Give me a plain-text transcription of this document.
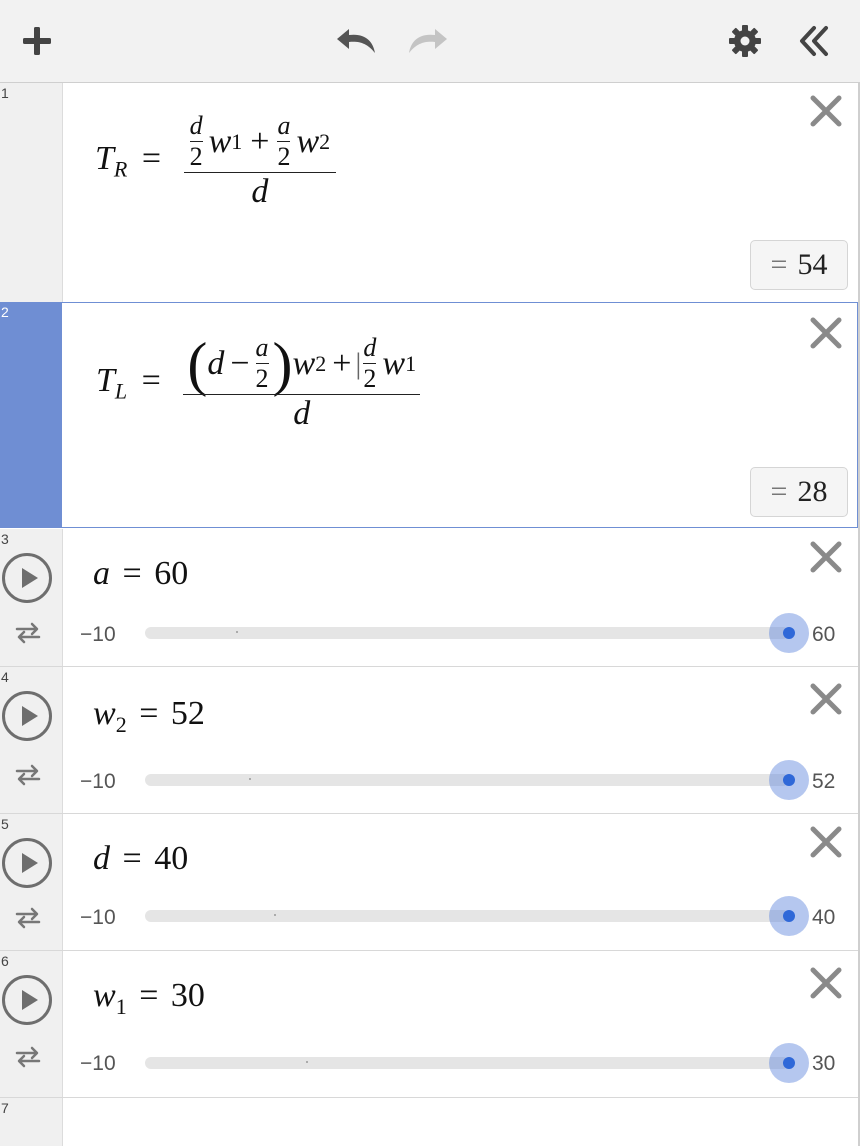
1
$T_R = \frac{\frac{d}{2} w 1 + \frac{a}{2} w 2}{d}$
= 54
2
$T_L$ = ( $d - \frac{a}{2}$ ) w 2 + | $\frac{d}{2}$ w 1
d
= 28
3
a = 60
−10	60
4
$w_2 = 52$
−10	52
5
d = 40
−10	40
6
$w_1 = 30$
−10	30
7
